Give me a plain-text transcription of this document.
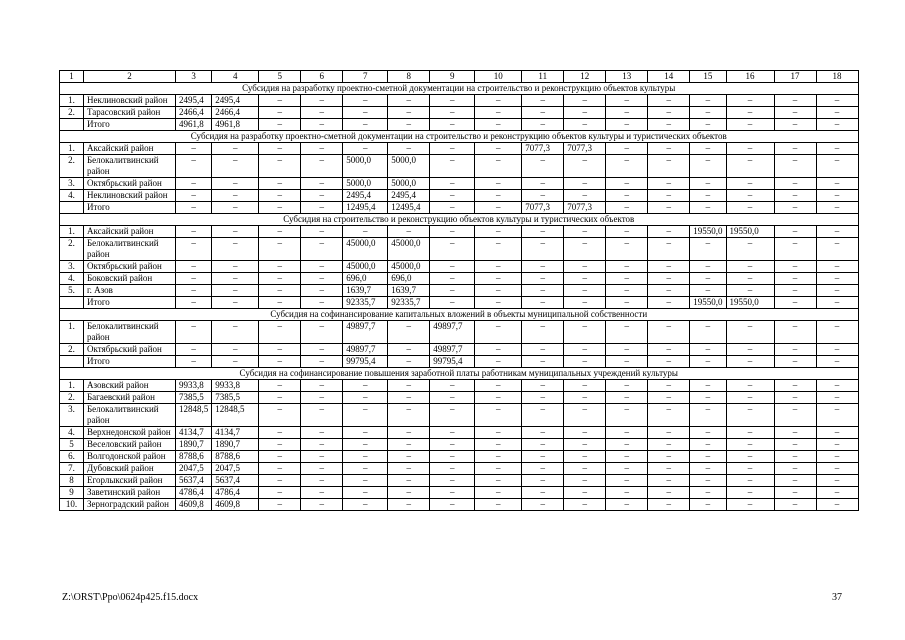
1	2	3	4	5	6	7	8	9	10	11	12	13	14	15	16	17	18
Субсидия на разработку проектно-сметной документации на строительство и реконструкцию объектов культуры																	
1.	Неклиновский район	2495,4	2495,4	–	–	–	–	–	–	–	–	–	–	–	–	–	–
2.	Тарасовский район	2466,4	2466,4	–	–	–	–	–	–	–	–	–	–	–	–	–	–
	Итого	4961,8	4961,8	–	–	–	–	–	–	–	–	–	–	–	–	–	–
Субсидия на разработку проектно-сметной документации на строительство и реконструкцию объектов культуры и туристических объектов																	
1.	Аксайский район	–	–	–	–	–	–	–	–	7077,3	7077,3	–	–	–	–	–	–
2.	Белокалитвинский район	–	–	–	–	5000,0	5000,0	–	–	–	–	–	–	–	–	–	–
3.	Октябрьский район	–	–	–	–	5000,0	5000,0	–	–	–	–	–	–	–	–	–	–
4.	Неклиновский район	–	–	–	–	2495,4	2495,4	–	–	–	–	–	–	–	–	–	–
	Итого	–	–	–	–	12495,4	12495,4	–	–	7077,3	7077,3	–	–	–	–	–	–
Субсидия на строительство и реконструкцию объектов культуры и туристических объектов																	
1.	Аксайский район	–	–	–	–	–	–	–	–	–	–	–	–	19550,0	19550,0	–	–
2.	Белокалитвинский район	–	–	–	–	45000,0	45000,0	–	–	–	–	–	–	–	–	–	–
3.	Октябрьский район	–	–	–	–	45000,0	45000,0	–	–	–	–	–	–	–	–	–	–
4.	Боковский район	–	–	–	–	696,0	696,0	–	–	–	–	–	–	–	–	–	–
5.	г. Азов	–	–	–	–	1639,7	1639,7	–	–	–	–	–	–	–	–	–	–
	Итого	–	–	–	–	92335,7	92335,7	–	–	–	–	–	–	19550,0	19550,0	–	–
Субсидия на софинансирование капитальных вложений в объекты муниципальной собственности																	
1.	Белокалитвинский район	–	–	–	–	49897,7	–	49897,7	–	–	–	–	–	–	–	–	–
2.	Октябрьский район	–	–	–	–	49897,7	–	49897,7	–	–	–	–	–	–	–	–	–
	Итого	–	–	–	–	99795,4	–	99795,4	–	–	–	–	–	–	–	–	–
Субсидия на софинансирование повышения заработной платы работникам муниципальных учреждений культуры																	
1.	Азовский район	9933,8	9933,8	–	–	–	–	–	–	–	–	–	–	–	–	–	–
2.	Багаевский район	7385,5	7385,5	–	–	–	–	–	–	–	–	–	–	–	–	–	–
3.	Белокалитвинский район	12848,5	12848,5	–	–	–	–	–	–	–	–	–	–	–	–	–	–
4.	Верхнедонской район	4134,7	4134,7	–	–	–	–	–	–	–	–	–	–	–	–	–	–
5	Веселовский район	1890,7	1890,7	–	–	–	–	–	–	–	–	–	–	–	–	–	–
6.	Волгодонской район	8788,6	8788,6	–	–	–	–	–	–	–	–	–	–	–	–	–	–
7.	Дубовский район	2047,5	2047,5	–	–	–	–	–	–	–	–	–	–	–	–	–	–
8	Егорлыкский район	5637,4	5637,4	–	–	–	–	–	–	–	–	–	–	–	–	–	–
9	Заветинский район	4786,4	4786,4	–	–	–	–	–	–	–	–	–	–	–	–	–	–
10.	Зерноградский район	4609,8	4609,8	–	–	–	–	–	–	–	–	–	–	–	–	–	–
Z:\ORST\Ppo\0624p425.f15.docx	37
